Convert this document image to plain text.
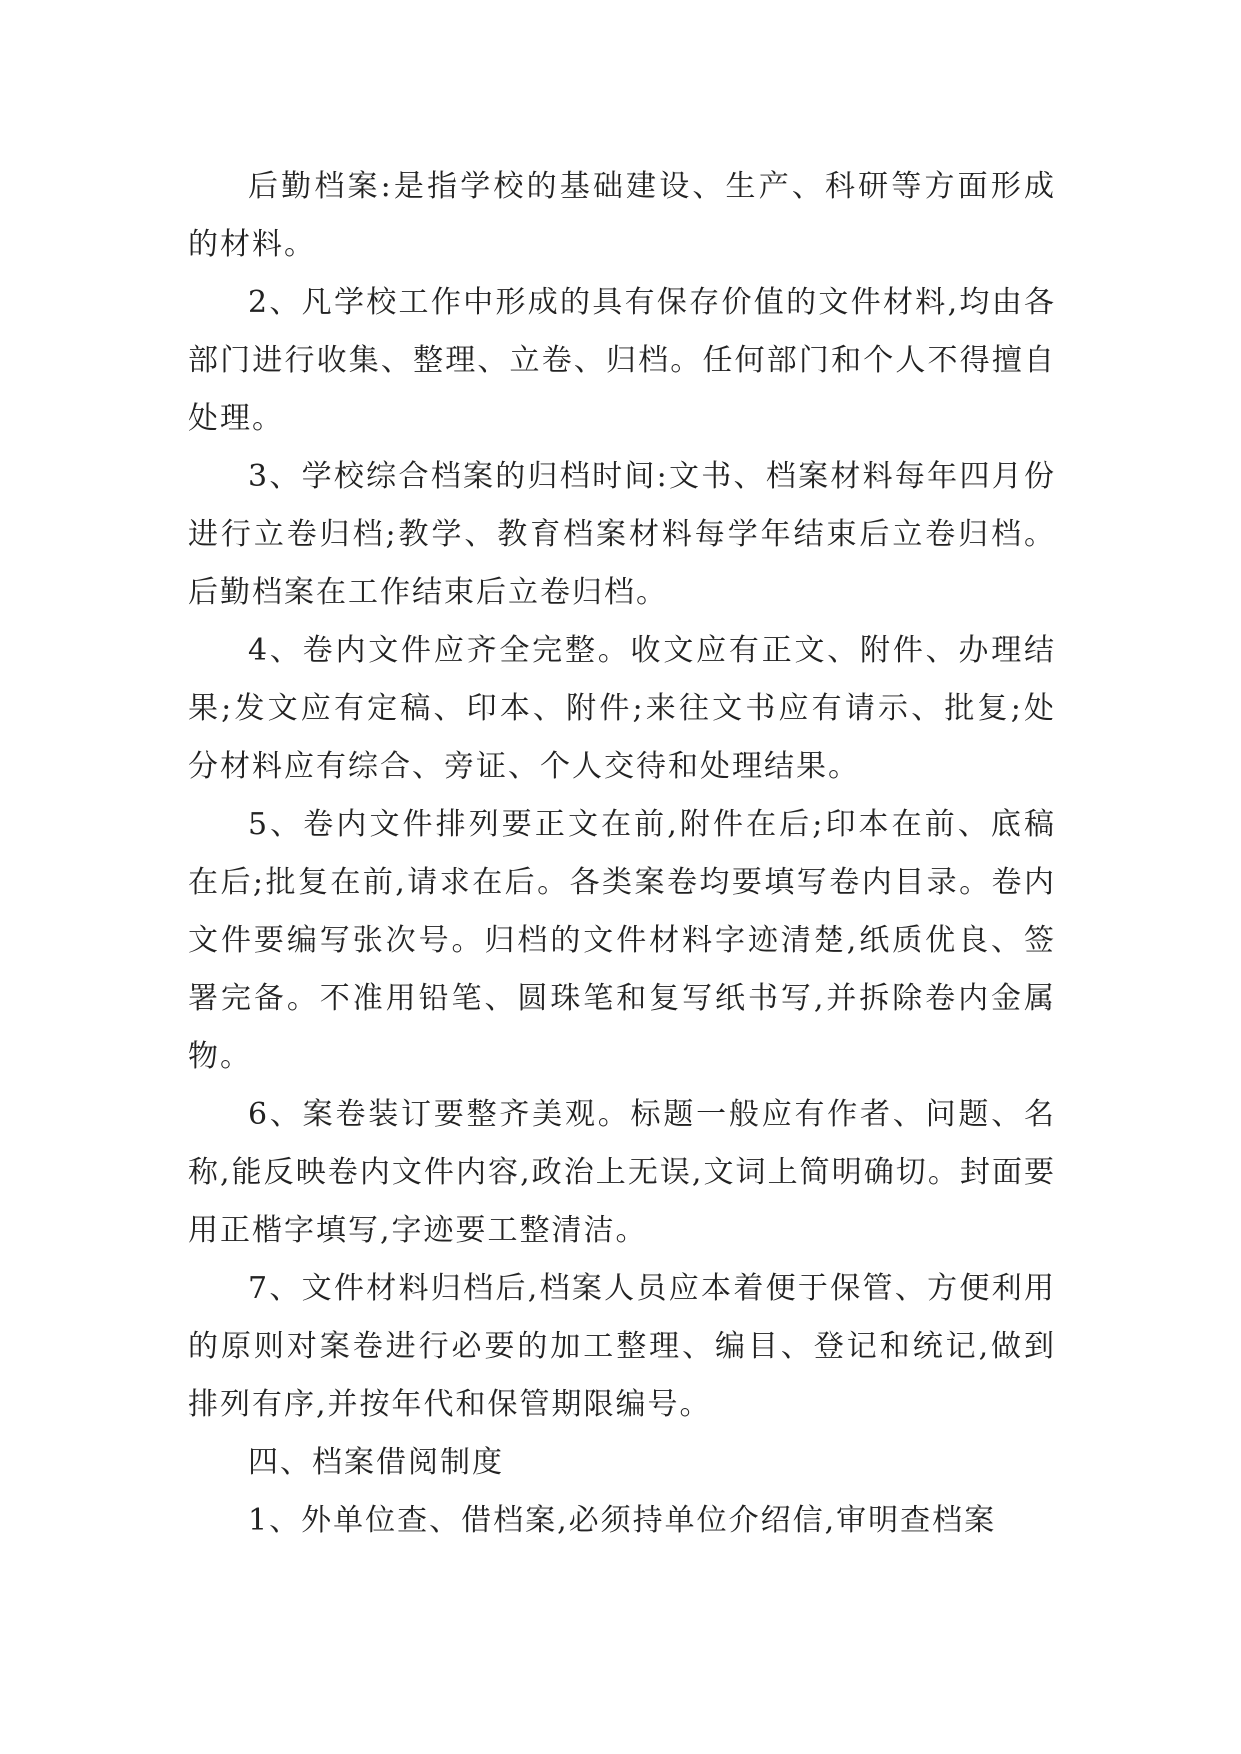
后勤档案:是指学校的基础建设、生产、科研等方面形成的材料。

2、凡学校工作中形成的具有保存价值的文件材料,均由各部门进行收集、整理、立卷、归档。任何部门和个人不得擅自处理。

3、学校综合档案的归档时间:文书、档案材料每年四月份进行立卷归档;教学、教育档案材料每学年结束后立卷归档。后勤档案在工作结束后立卷归档。

4、卷内文件应齐全完整。收文应有正文、附件、办理结果;发文应有定稿、印本、附件;来往文书应有请示、批复;处分材料应有综合、旁证、个人交待和处理结果。

5、卷内文件排列要正文在前,附件在后;印本在前、底稿在后;批复在前,请求在后。各类案卷均要填写卷内目录。卷内文件要编写张次号。归档的文件材料字迹清楚,纸质优良、签署完备。不准用铅笔、圆珠笔和复写纸书写,并拆除卷内金属物。

6、案卷装订要整齐美观。标题一般应有作者、问题、名称,能反映卷内文件内容,政治上无误,文词上简明确切。封面要用正楷字填写,字迹要工整清洁。

7、文件材料归档后,档案人员应本着便于保管、方便利用的原则对案卷进行必要的加工整理、编目、登记和统记,做到排列有序,并按年代和保管期限编号。

四、档案借阅制度

1、外单位查、借档案,必须持单位介绍信,审明查档案
